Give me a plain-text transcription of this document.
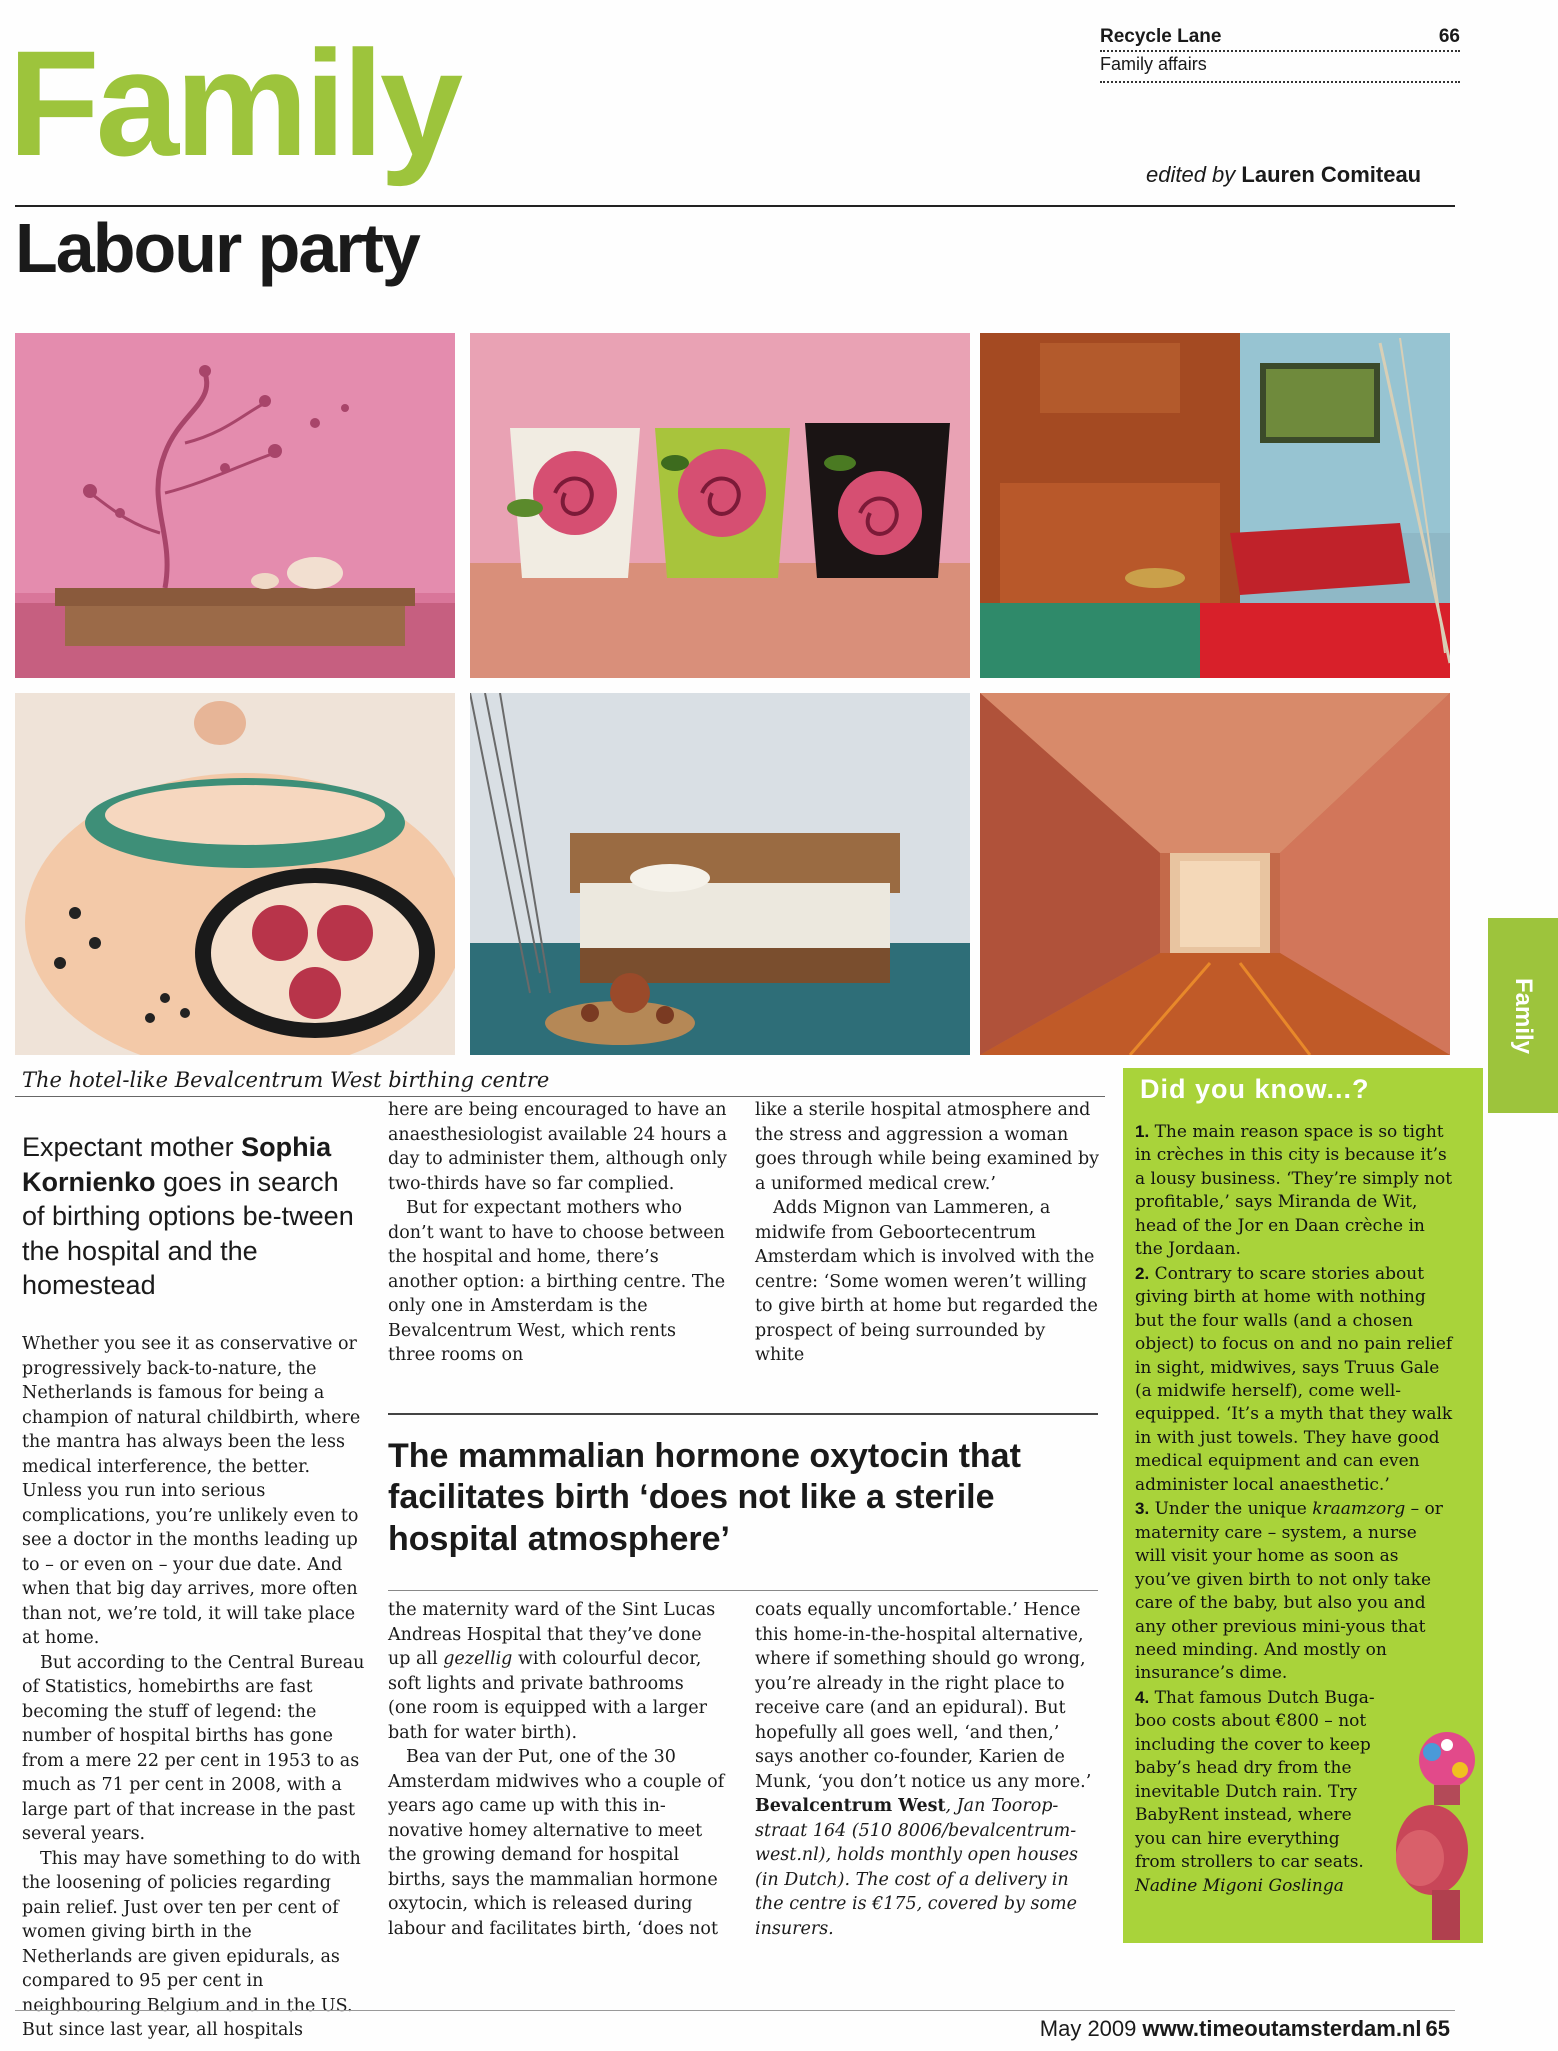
Family	Recycle Lane	66
Family affairs
edited by Lauren Comiteau
Labour party
The hotel-like Bevalcentrum West birthing centre
Family
Expectant mother Sophia Kornienko goes in search of birthing options be-tween the hospital and the homestead

Whether you see it as conservative or progressively back-to-nature, the Netherlands is famous for being a champion of natural childbirth, where the mantra has always been the less medical interference, the better. Unless you run into serious complications, you’re unlikely even to see a doctor in the months leading up to – or even on – your due date. And when that big day arrives, more often than not, we’re told, it will take place at home.

But according to the Central Bureau of Statistics, homebirths are fast becoming the stuff of legend: the number of hospital births has gone from a mere 22 per cent in 1953 to as much as 71 per cent in 2008, with a large part of that increase in the past several years.

This may have something to do with the loosening of policies regarding pain relief. Just over ten per cent of women giving birth in the Netherlands are given epidurals, as compared to 95 per cent in neighbouring Belgium and in the US. But since last year, all hospitals

here are being encouraged to have an anaesthesiologist available 24 hours a day to administer them, although only two-thirds have so far complied.

But for expectant mothers who don’t want to have to choose between the hospital and home, there’s another option: a birthing centre. The only one in Amsterdam is the Bevalcentrum West, which rents three rooms on

like a sterile hospital atmosphere and the stress and aggression a woman goes through while being examined by a uniformed medical crew.’

Adds Mignon van Lammeren, a midwife from Geboortecentrum Amsterdam which is involved with the centre: ‘Some women weren’t willing to give birth at home but regarded the prospect of being surrounded by white

The mammalian hormone oxytocin that facilitates birth ‘does not like a sterile hospital atmosphere’

the maternity ward of the Sint Lucas Andreas Hospital that they’ve done up all gezellig with colourful decor, soft lights and private bathrooms (one room is equipped with a larger bath for water birth).

Bea van der Put, one of the 30 Amsterdam midwives who a couple of years ago came up with this in-novative homey alternative to meet the growing demand for hospital births, says the mammalian hormone oxytocin, which is released during labour and facilitates birth, ‘does not

coats equally uncomfortable.’ Hence this home-in-the-hospital alternative, where if something should go wrong, you’re already in the right place to receive care (and an epidural). But hopefully all goes well, ‘and then,’ says another co-founder, Karien de Munk, ‘you don’t notice us any more.’

Bevalcentrum West, Jan Toorop-straat 164 (510 8006/bevalcentrum-west.nl), holds monthly open houses (in Dutch). The cost of a delivery in the centre is €175, covered by some insurers.

Did you know...?

1. The main reason space is so tight in crèches in this city is because it’s a lousy business. ‘They’re simply not profitable,’ says Miranda de Wit, head of the Jor en Daan crèche in the Jordaan.

2. Contrary to scare stories about giving birth at home with nothing but the four walls (and a chosen object) to focus on and no pain relief in sight, midwives, says Truus Gale (a midwife herself), come well-equipped. ‘It’s a myth that they walk in with just towels. They have good medical equipment and can even administer local anaesthetic.’

3. Under the unique kraamzorg – or maternity care – system, a nurse will visit your home as soon as you’ve given birth to not only take care of the baby, but also you and any other previous mini-yous that need minding. And mostly on insurance’s dime.

4. That famous Dutch Buga-boo costs about €800 – not including the cover to keep baby’s head dry from the inevitable Dutch rain. Try BabyRent instead, where you can hire everything from strollers to car seats.

Nadine Migoni Goslinga

May 2009 www.timeoutamsterdam.nl 65
